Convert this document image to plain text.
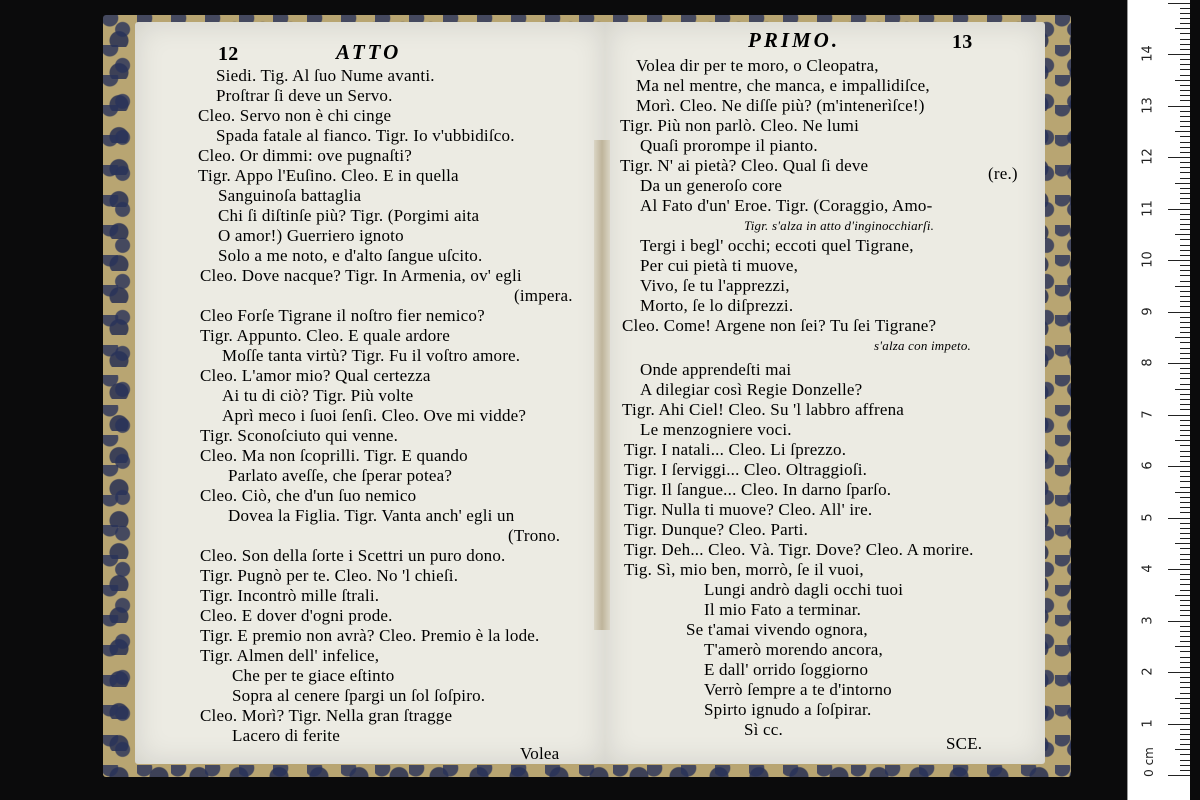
12	ATTO
Siedi. Tig. Al ſuo Nume avanti.
Proſtrar ſi deve un Servo.
Cleo. Servo non è chi cinge
Spada fatale al fianco. Tigr. Io v'ubbidiſco.
Cleo. Or dimmi: ove pugnaſti?
Tigr. Appo l'Euſino. Cleo. E in quella
Sanguinoſa battaglia
Chi ſi diſtinſe più? Tigr. (Porgimi aita
O amor!) Guerriero ignoto
Solo a me noto, e d'alto ſangue uſcito.
Cleo. Dove nacque? Tigr. In Armenia, ov' egli
(impera.
Cleo Forſe Tigrane il noſtro fier nemico?
Tigr. Appunto. Cleo. E quale ardore
Moſſe tanta virtù? Tigr. Fu il voſtro amore.
Cleo. L'amor mio? Qual certezza
Ai tu di ciò? Tigr. Più volte
Aprì meco i ſuoi ſenſi. Cleo. Ove mi vidde?
Tigr. Sconoſciuto qui venne.
Cleo. Ma non ſcoprilli. Tigr. E quando
Parlato aveſſe, che ſperar potea?
Cleo. Ciò, che d'un ſuo nemico
Dovea la Figlia. Tigr. Vanta anch' egli un
(Trono.
Cleo. Son della ſorte i Scettri un puro dono.
Tigr. Pugnò per te. Cleo. No 'l chieſi.
Tigr. Incontrò mille ſtrali.
Cleo. E dover d'ogni prode.
Tigr. E premio non avrà? Cleo. Premio è la lode.
Tigr. Almen dell' infelice,
Che per te giace eſtinto
Sopra al cenere ſpargi un ſol ſoſpiro.
Cleo. Morì? Tigr. Nella gran ſtragge
Lacero di ferite
Volea
PRIMO.	13
Volea dir per te moro, o Cleopatra,
Ma nel mentre, che manca, e impallidiſce,
Morì. Cleo. Ne diſſe più? (m'intenerìſce!)
Tigr. Più non parlò. Cleo. Ne lumi
Quaſi prorompe il pianto.
Tigr. N' ai pietà? Cleo. Qual ſi deve
Da un generoſo core
(re.)
Al Fato d'un' Eroe. Tigr. (Coraggio, Amo-
Tigr. s'alza in atto d'inginocchiarſi.
Tergi i begl' occhi; eccoti quel Tigrane,
Per cui pietà ti muove,
Vivo, ſe tu l'apprezzi,
Morto, ſe lo diſprezzi.
Cleo. Come! Argene non ſei? Tu ſei Tigrane?
s'alza con impeto.
Onde apprendeſti mai
A dilegiar così Regie Donzelle?
Tigr. Ahi Ciel! Cleo. Su 'l labbro affrena
Le menzogniere voci.
Tigr. I natali... Cleo. Li ſprezzo.
Tigr. I ſerviggi... Cleo. Oltraggioſi.
Tigr. Il ſangue... Cleo. In darno ſparſo.
Tigr. Nulla ti muove? Cleo. All' ire.
Tigr. Dunque? Cleo. Parti.
Tigr. Deh... Cleo. Và. Tigr. Dove? Cleo. A morire.
Tig. Sì, mio ben, morrò, ſe il vuoi,
Lungi andrò dagli occhi tuoi
Il mio Fato a terminar.
Se t'amai vivendo ognora,
T'amerò morendo ancora,
E dall' orrido ſoggiorno
Verrò ſempre a te d'intorno
Spirto ignudo a ſoſpirar.
Sì cc.
SCE.
0 cm
1
2
3
4
5
6
7
8
9
10
11
12
13
14
